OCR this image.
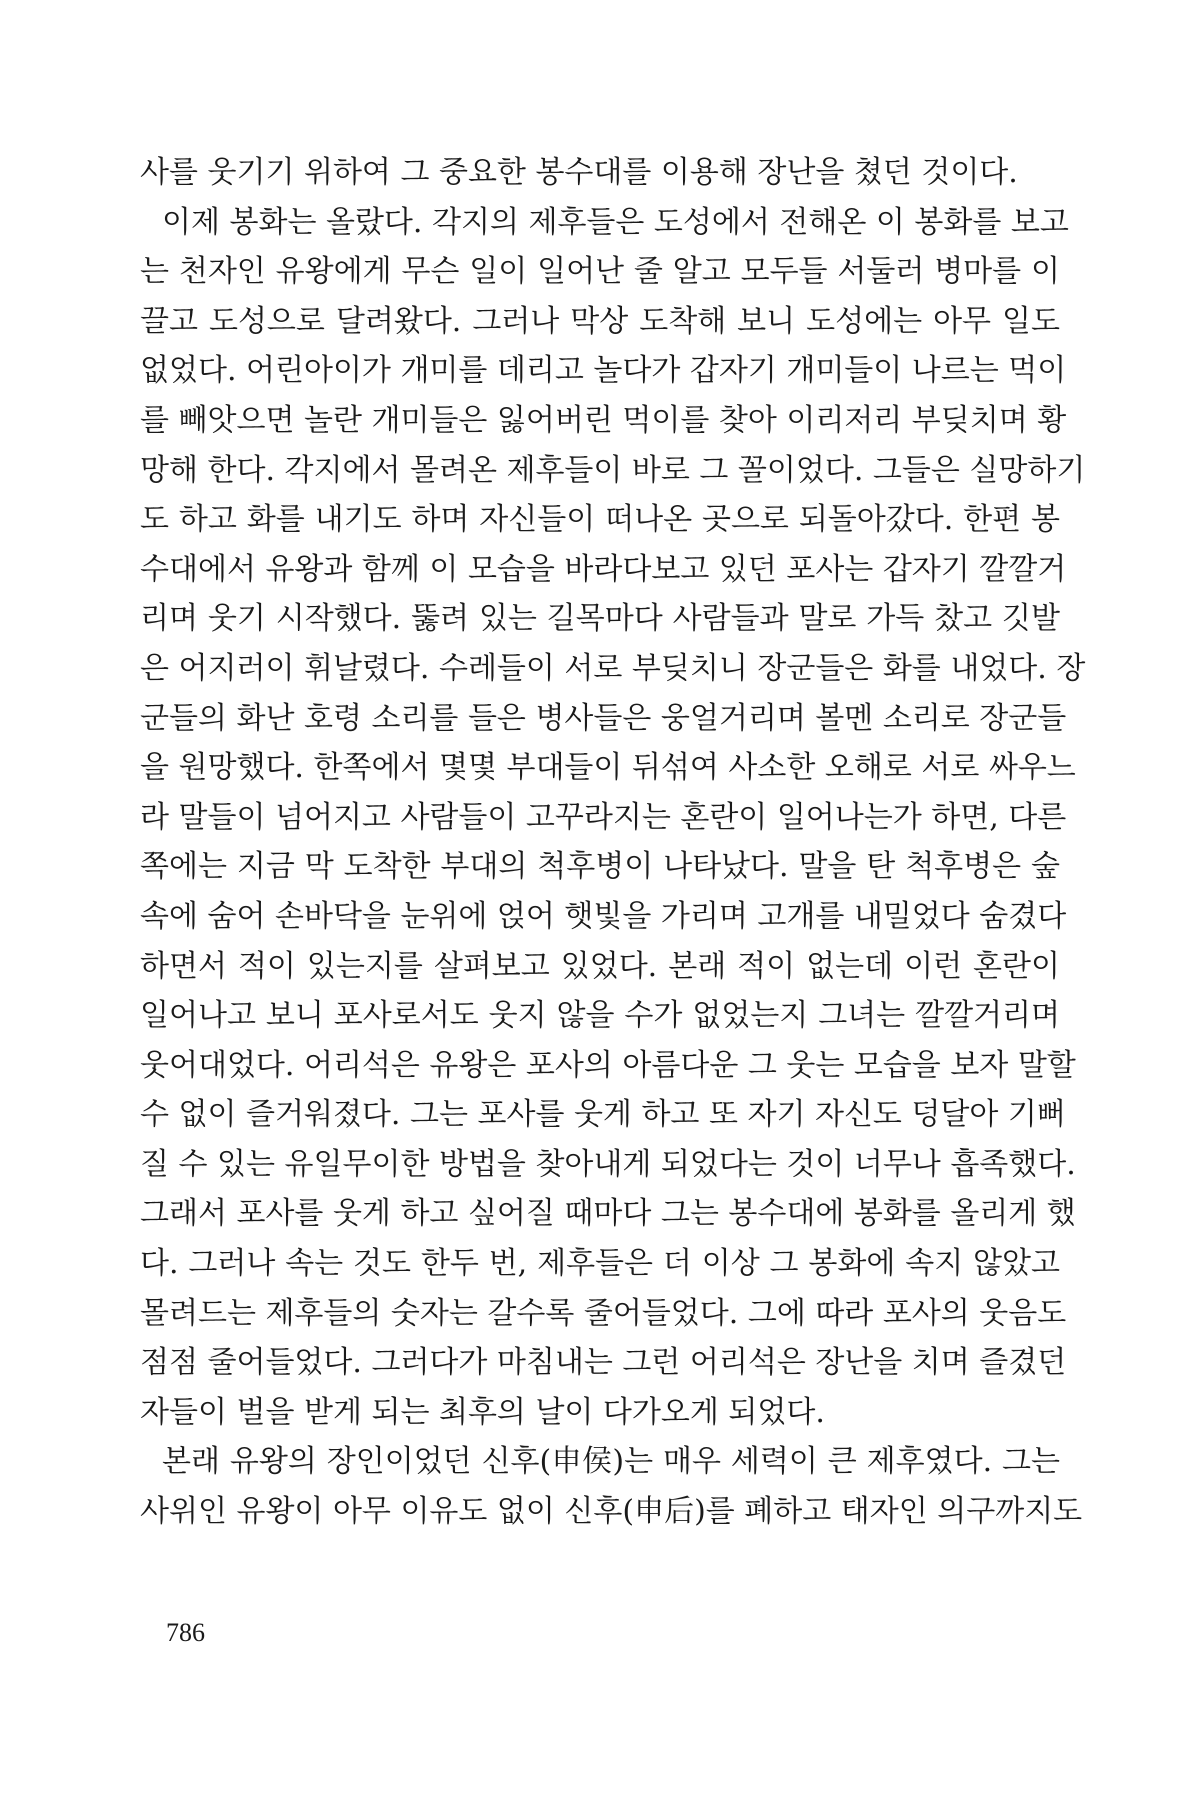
사를 웃기기 위하여 그 중요한 봉수대를 이용해 장난을 쳤던 것이다.
이제 봉화는 올랐다. 각지의 제후들은 도성에서 전해온 이 봉화를 보고
는 천자인 유왕에게 무슨 일이 일어난 줄 알고 모두들 서둘러 병마를 이
끌고 도성으로 달려왔다. 그러나 막상 도착해 보니 도성에는 아무 일도
없었다. 어린아이가 개미를 데리고 놀다가 갑자기 개미들이 나르는 먹이
를 빼앗으면 놀란 개미들은 잃어버린 먹이를 찾아 이리저리 부딪치며 황
망해 한다. 각지에서 몰려온 제후들이 바로 그 꼴이었다. 그들은 실망하기
도 하고 화를 내기도 하며 자신들이 떠나온 곳으로 되돌아갔다. 한편 봉
수대에서 유왕과 함께 이 모습을 바라다보고 있던 포사는 갑자기 깔깔거
리며 웃기 시작했다. 뚫려 있는 길목마다 사람들과 말로 가득 찼고 깃발
은 어지러이 휘날렸다. 수레들이 서로 부딪치니 장군들은 화를 내었다. 장
군들의 화난 호령 소리를 들은 병사들은 웅얼거리며 볼멘 소리로 장군들
을 원망했다. 한쪽에서 몇몇 부대들이 뒤섞여 사소한 오해로 서로 싸우느
라 말들이 넘어지고 사람들이 고꾸라지는 혼란이 일어나는가 하면, 다른
쪽에는 지금 막 도착한 부대의 척후병이 나타났다. 말을 탄 척후병은 숲
속에 숨어 손바닥을 눈위에 얹어 햇빛을 가리며 고개를 내밀었다 숨겼다
하면서 적이 있는지를 살펴보고 있었다. 본래 적이 없는데 이런 혼란이
일어나고 보니 포사로서도 웃지 않을 수가 없었는지 그녀는 깔깔거리며
웃어대었다. 어리석은 유왕은 포사의 아름다운 그 웃는 모습을 보자 말할
수 없이 즐거워졌다. 그는 포사를 웃게 하고 또 자기 자신도 덩달아 기뻐
질 수 있는 유일무이한 방법을 찾아내게 되었다는 것이 너무나 흡족했다.
그래서 포사를 웃게 하고 싶어질 때마다 그는 봉수대에 봉화를 올리게 했
다. 그러나 속는 것도 한두 번, 제후들은 더 이상 그 봉화에 속지 않았고
몰려드는 제후들의 숫자는 갈수록 줄어들었다. 그에 따라 포사의 웃음도
점점 줄어들었다. 그러다가 마침내는 그런 어리석은 장난을 치며 즐겼던
자들이 벌을 받게 되는 최후의 날이 다가오게 되었다.
본래 유왕의 장인이었던 신후(申侯)는 매우 세력이 큰 제후였다. 그는
사위인 유왕이 아무 이유도 없이 신후(申后)를 폐하고 태자인 의구까지도
786
